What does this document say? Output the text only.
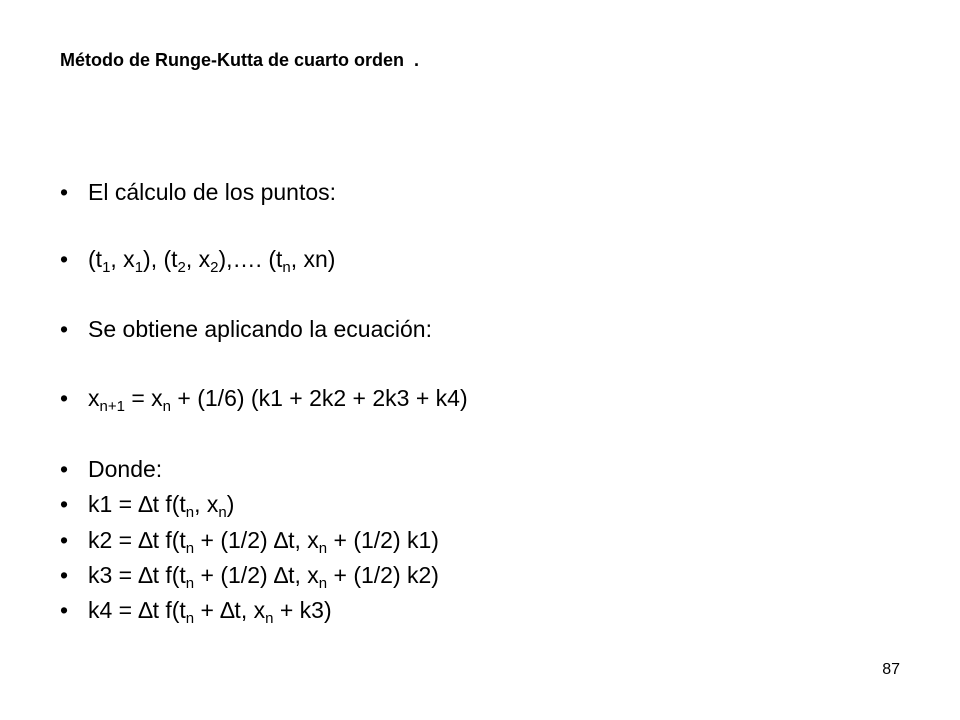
Método de Runge-Kutta de cuarto orden  .
• El cálculo de los puntos:
• ($t_1$, $x_1$), ($t_2$, $x_2),\dots$. ($t_n$, xn)
• Se obtiene aplicando la ecuación:
• $x_{n+1} = x_n + (1/6) (k1 + 2k2 + 2k3 + k4)$
• Donde:
• k1 = ∆t $f(t_n$, $x_n$)
• k2 = ∆t $f(t_n + (1/2)$ ∆t, $x_n + (1/2)$ k1)
• k3 = ∆t $f(t_n + (1/2)$ ∆t, $x_n + (1/2)$ k2)
• k4 = ∆t $f(t_n + \Delta t$, $x_n + k3$)
87
